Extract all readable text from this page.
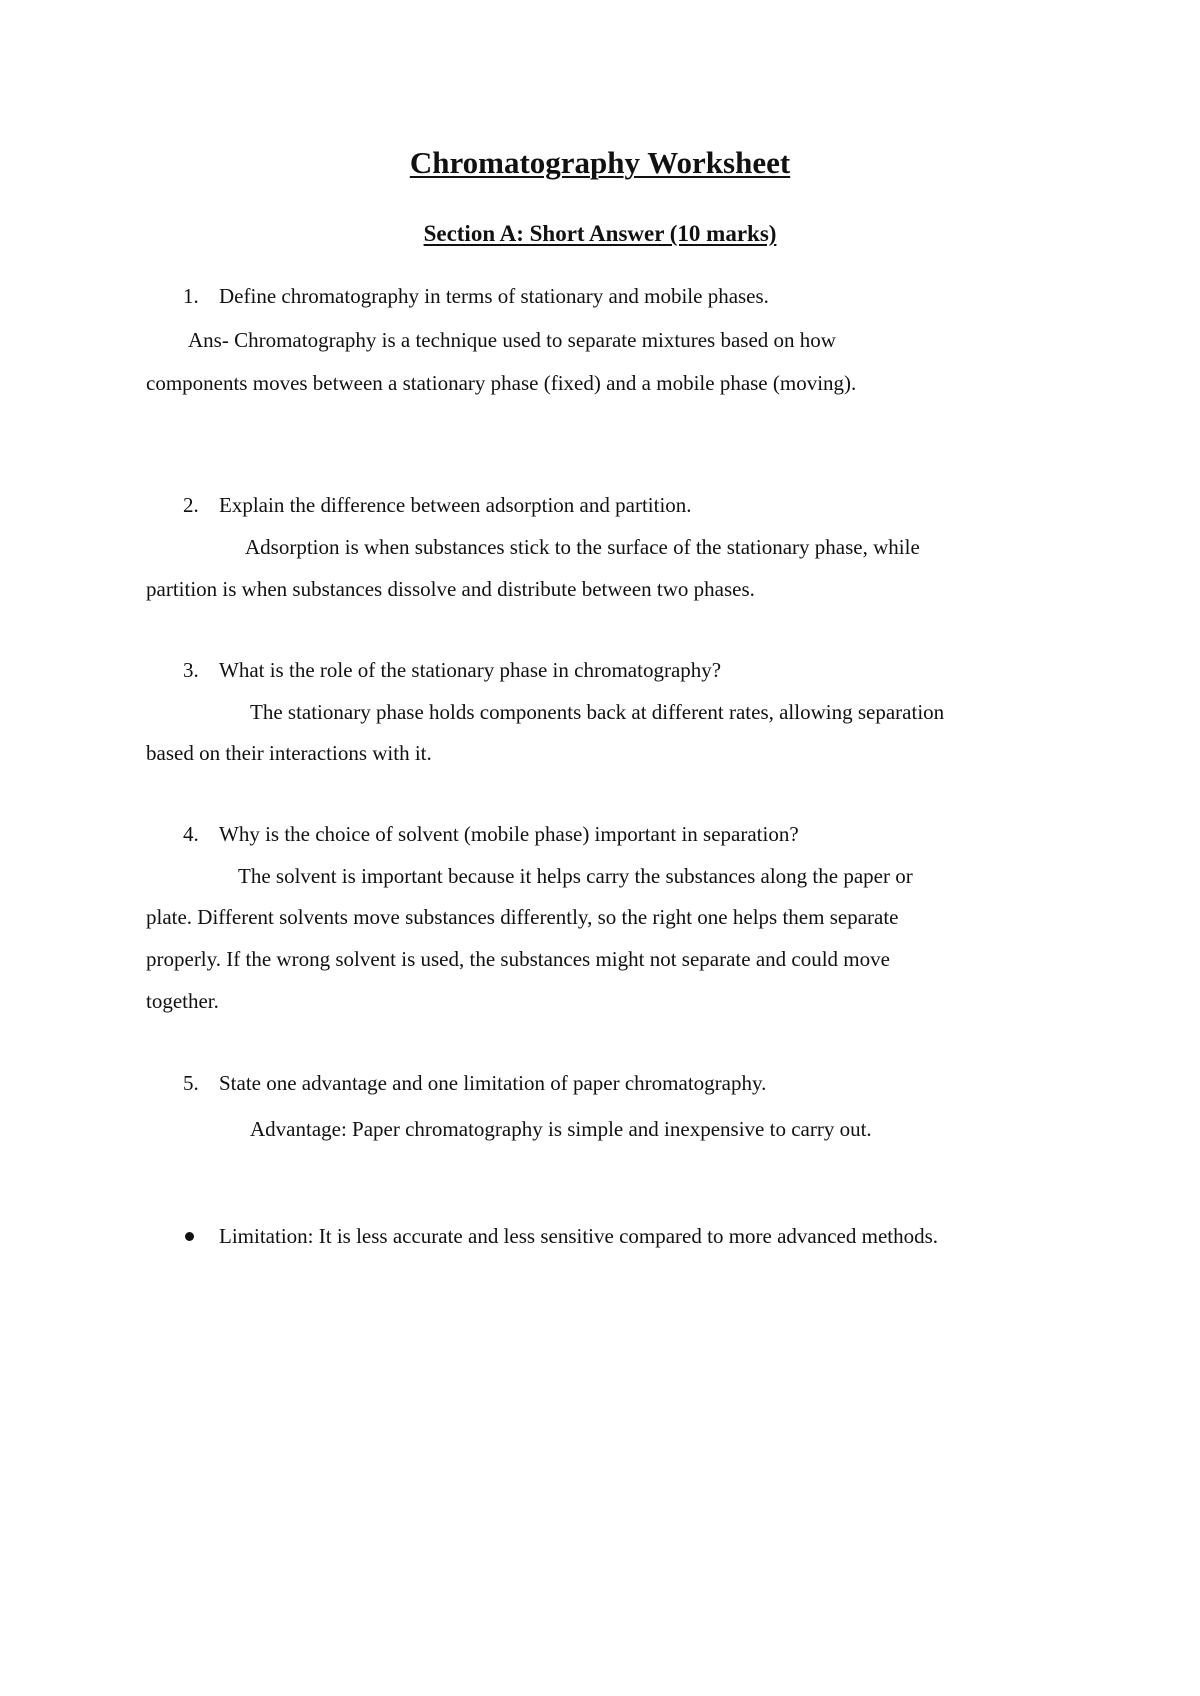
Chromatography Worksheet
Section A: Short Answer (10 marks)
1. Define chromatography in terms of stationary and mobile phases.
Ans- Chromatography is a technique used to separate mixtures based on how
components moves between a stationary phase (fixed) and a mobile phase (moving).
2. Explain the difference between adsorption and partition.
Adsorption is when substances stick to the surface of the stationary phase, while
partition is when substances dissolve and distribute between two phases.
3. What is the role of the stationary phase in chromatography?
The stationary phase holds components back at different rates, allowing separation
based on their interactions with it.
4. Why is the choice of solvent (mobile phase) important in separation?
The solvent is important because it helps carry the substances along the paper or
plate. Different solvents move substances differently, so the right one helps them separate
properly. If the wrong solvent is used, the substances might not separate and could move
together.
5. State one advantage and one limitation of paper chromatography.
Advantage: Paper chromatography is simple and inexpensive to carry out.
Limitation: It is less accurate and less sensitive compared to more advanced methods.
